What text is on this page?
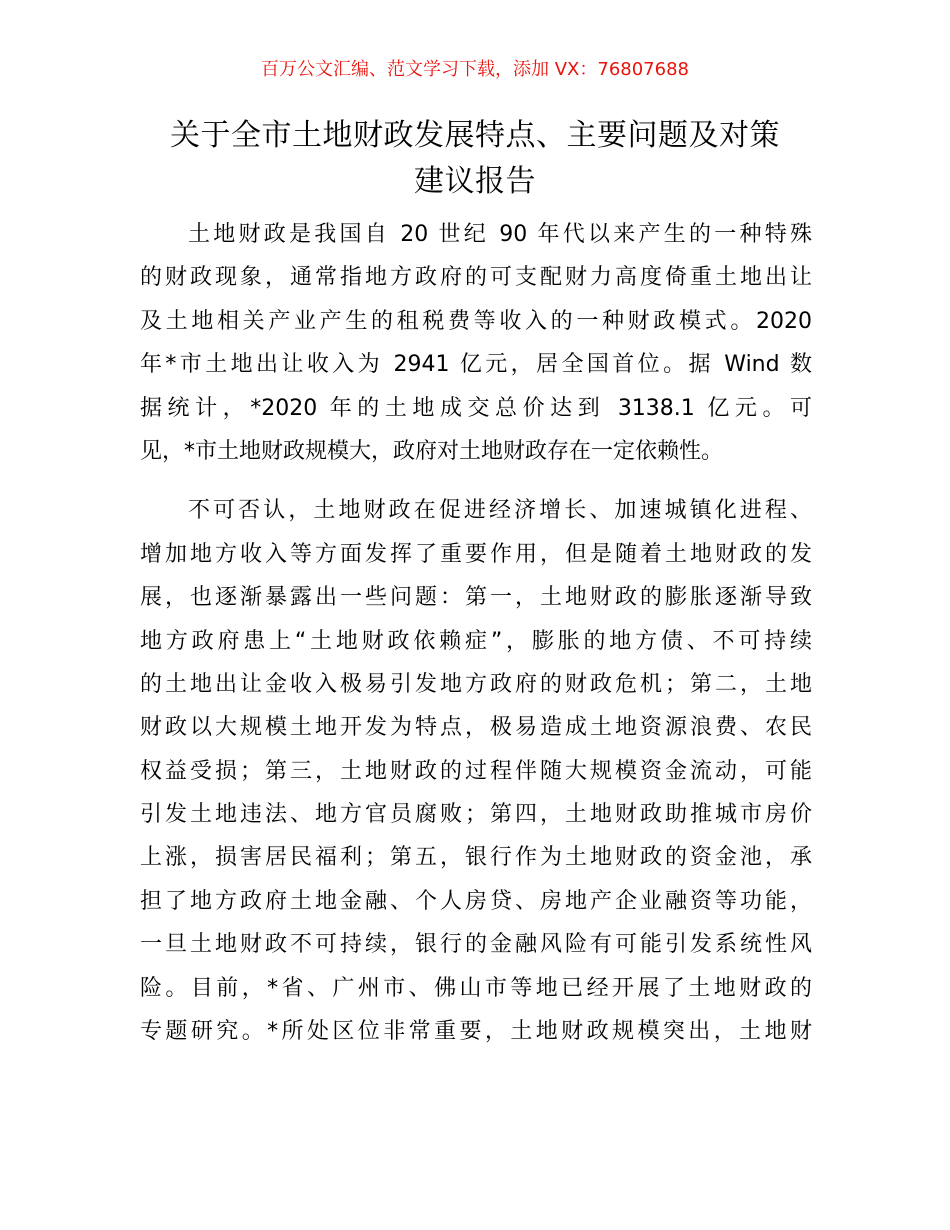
百万公文汇编、范文学习下载，添加 VX：76807688
关于全市土地财政发展特点、主要问题及对策
建议报告
土地财政是我国自 20 世纪 90 年代以来产生的一种特殊
的财政现象，通常指地方政府的可支配财力高度倚重土地出让
及土地相关产业产生的租税费等收入的一种财政模式。2020
年*市土地出让收入为 2941 亿元，居全国首位。据 Wind 数
据统计，*2020 年的土地成交总价达到 3138.1 亿元。可
见，*市土地财政规模大，政府对土地财政存在一定依赖性。
不可否认，土地财政在促进经济增长、加速城镇化进程、
增加地方收入等方面发挥了重要作用，但是随着土地财政的发
展，也逐渐暴露出一些问题：第一，土地财政的膨胀逐渐导致
地方政府患上“土地财政依赖症”，膨胀的地方债、不可持续
的土地出让金收入极易引发地方政府的财政危机；第二，土地
财政以大规模土地开发为特点，极易造成土地资源浪费、农民
权益受损；第三，土地财政的过程伴随大规模资金流动，可能
引发土地违法、地方官员腐败；第四，土地财政助推城市房价
上涨，损害居民福利；第五，银行作为土地财政的资金池，承
担了地方政府土地金融、个人房贷、房地产企业融资等功能，
一旦土地财政不可持续，银行的金融风险有可能引发系统性风
险。目前，*省、广州市、佛山市等地已经开展了土地财政的
专题研究。*所处区位非常重要，土地财政规模突出，土地财
